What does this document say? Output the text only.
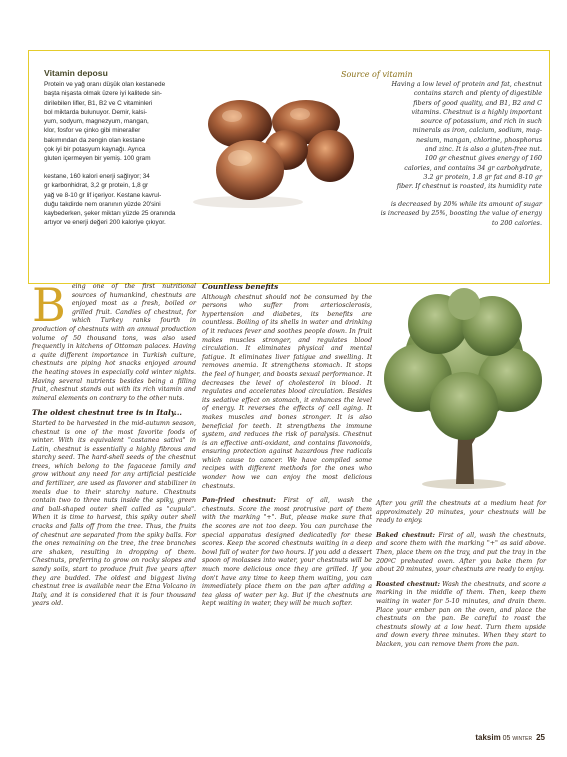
Vitamin deposu

Protein ve yağ oranı düşük olan kestanede

başta nişasta olmak üzere iyi kalitede sin-

dirilebilen lifler, B1, B2 ve C vitaminleri

bol miktarda bulunuyor. Demir, kalsi-

yum, sodyum, magnezyum, mangan,

klor, fosfor ve çinko gibi mineraller

bakımından da zengin olan kestane

çok iyi bir potasyum kaynağı. Ayrıca

gluten içermeyen bir yemiş. 100 gram

kestane, 160 kalori enerji sağlıyor; 34

gr karbonhidrat, 3,2 gr protein, 1,8 gr

yağ ve 8-10 gr lif içeriyor. Kestane kavrul-

duğu takdirde nem oranının yüzde 20'sini

kaybederken, şeker miktarı yüzde 25 oranında

artıyor ve enerji değeri 200 kaloriye çıkıyor.

Source of vitamin

Having a low level of protein and fat, chestnut

contains starch and plenty of digestible

fibers of good quality, and B1, B2 and C

vitamins. Chestnut is a highly important

source of potassium, and rich in such

minerals as iron, calcium, sodium, mag-

nesium, mangan, chlorine, phosphorus

and zinc. It is also a gluten-free nut.

100 gr chestnut gives energy of 160

calories, and contains 34 gr carbohydrate,

3.2 gr protein, 1.8 gr fat and 8-10 gr

fiber. If chestnut is roasted, its humidity rate

is decreased by 20% while its amount of sugar

is increased by 25%, boosting the value of energy

to 200 calories.

Being one of the first nutritional sources of humankind, chestnuts are enjoyed most as a fresh, boiled or grilled fruit. Candies of chestnut, for which Turkey ranks fourth in production of chestnuts with an annual production volume of 50 thousand tons, was also used frequently in kitchens of Ottoman palaces. Having a quite different importance in Turkish culture, chestnuts are piping hot snacks enjoyed around the heating stoves in especially cold winter nights. Having several nutrients besides being a filling fruit, chestnut stands out with its rich vitamin and mineral elements on contrary to the other nuts.

The oldest chestnut tree is in Italy...

Started to be harvested in the mid-autumn season, chestnut is one of the most favorite foods of winter. With its equivalent "castanea sativa" in Latin, chestnut is essentially a highly fibrous and starchy seed. The hard-shell seeds of the chestnut trees, which belong to the fagaceae family and grow without any need for any artificial pesticide and fertilizer, are used as flavorer and stabilizer in meals due to their starchy nature. Chestnuts contain two to three nuts inside the spiky, green and ball-shaped outer shell called as "cupula". When it is time to harvest, this spiky outer shell cracks and falls off from the tree. Thus, the fruits of chestnut are separated from the spiky balls. For the ones remaining on the tree, the tree branches are shaken, resulting in dropping of them. Chestnuts, preferring to grow on rocky slopes and sandy soils, start to produce fruit five years after they are budded. The oldest and biggest living chestnut tree is available near the Etna Volcano in Italy, and it is considered that it is four thousand years old.

Countless benefits

Although chestnut should not be consumed by the persons who suffer from arteriosclerosis, hypertension and diabetes, its benefits are countless. Boiling of its shells in water and drinking of it reduces fever and soothes people down. In fruit makes muscles stronger, and regulates blood circulation. It eliminates physical and mental fatigue. It eliminates liver fatigue and swelling. It removes anemia. It strengthens stomach. It stops the feel of hunger, and boosts sexual performance. It decreases the level of cholesterol in blood. It regulates and accelerates blood circulation. Besides its sedative effect on stomach, it enhances the level of energy. It reverses the effects of cell aging. It makes muscles and bones stronger. It is also beneficial for teeth. It strengthens the immune system, and reduces the risk of paralysis. Chestnut is an effective anti-oxidant, and contains flavonoids, ensuring protection against hazardous free radicals which cause to cancer. We have compiled some recipes with different methods for the ones who wonder how we can enjoy the most delicious chestnuts.

Pan-fried chestnut: First of all, wash the chestnuts. Score the most protrusive part of them with the marking "+". But, please make sure that the scores are not too deep. You can purchase the special apparatus designed dedicatedly for these scores. Keep the scored chestnuts waiting in a deep bowl full of water for two hours. If you add a dessert spoon of molasses into water, your chestnuts will be much more delicious once they are grilled. If you don't have any time to keep them waiting, you can immediately place them on the pan after adding a tea glass of water per kg. But if the chestnuts are kept waiting in water, they will be much softer.

After you grill the chestnuts at a medium heat for approximately 20 minutes, your chestnuts will be ready to enjoy.

Baked chestnut: First of all, wash the chestnuts, and score them with the marking "+" as said above. Then, place them on the tray, and put the tray in the 200ºC preheated oven. After you bake them for about 20 minutes, your chestnuts are ready to enjoy.

Roasted chestnut: Wash the chestnuts, and score a marking in the middle of them. Then, keep them waiting in water for 5-10 minutes, and drain them. Place your ember pan on the oven, and place the chestnuts on the pan. Be careful to roast the chestnuts slowly at a low heat. Turn them upside and down every three minutes. When they start to blacken, you can remove them from the pan.

taksim 05 WINTER 25
